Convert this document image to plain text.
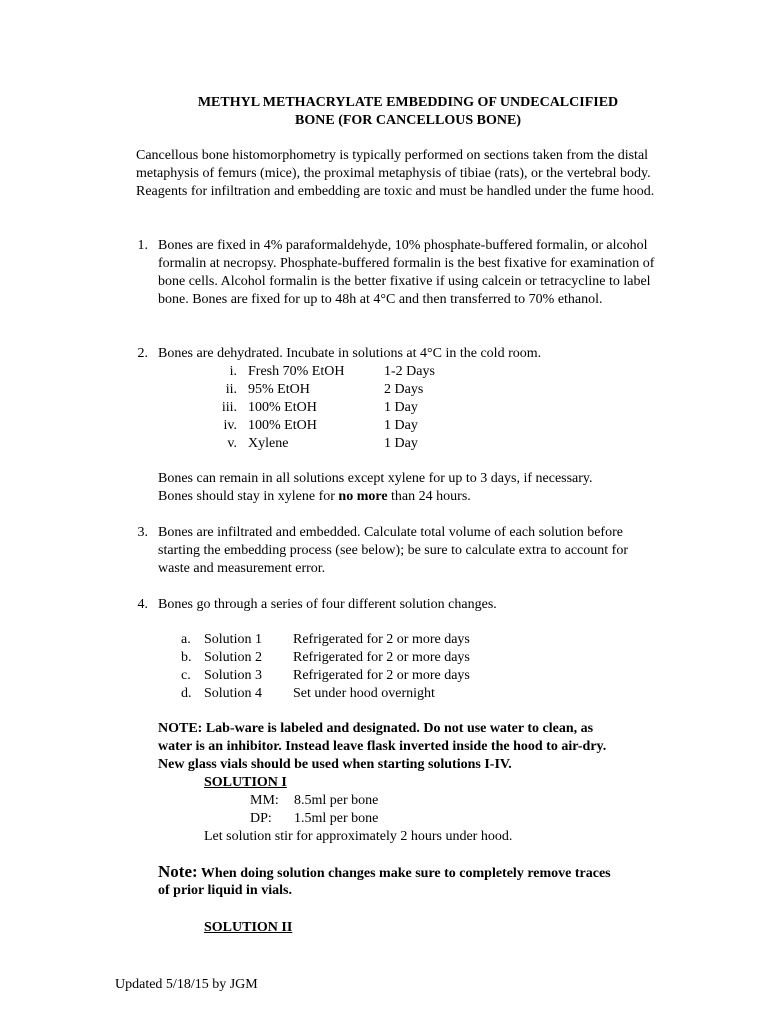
METHYL METHACRYLATE EMBEDDING OF UNDECALCIFIED
BONE (FOR CANCELLOUS BONE)
Cancellous bone histomorphometry is typically performed on sections taken from the distal metaphysis of femurs (mice), the proximal metaphysis of tibiae (rats), or the vertebral body. Reagents for infiltration and embedding are toxic and must be handled under the fume hood.
1. Bones are fixed in 4% paraformaldehyde, 10% phosphate-buffered formalin, or alcohol formalin at necropsy. Phosphate-buffered formalin is the best fixative for examination of bone cells. Alcohol formalin is the better fixative if using calcein or tetracycline to label bone. Bones are fixed for up to 48h at 4°C and then transferred to 70% ethanol.
2. Bones are dehydrated. Incubate in solutions at 4°C in the cold room.
i. Fresh 70% EtOH	1-2 Days
ii. 95% EtOH	2 Days
iii. 100% EtOH	1 Day
iv. 100% EtOH	1 Day
v. Xylene	1 Day
Bones can remain in all solutions except xylene for up to 3 days, if necessary.
Bones should stay in xylene for no more than 24 hours.
3. Bones are infiltrated and embedded. Calculate total volume of each solution before starting the embedding process (see below); be sure to calculate extra to account for waste and measurement error.
4. Bones go through a series of four different solution changes.
a. Solution 1 Refrigerated for 2 or more days
b. Solution 2 Refrigerated for 2 or more days
c. Solution 3 Refrigerated for 2 or more days
d. Solution 4 Set under hood overnight
NOTE: Lab-ware is labeled and designated. Do not use water to clean, as
water is an inhibitor. Instead leave flask inverted inside the hood to air-dry.
New glass vials should be used when starting solutions I-IV.
SOLUTION I
MM: 8.5ml per bone
DP: 1.5ml per bone
Let solution stir for approximately 2 hours under hood.
Note: When doing solution changes make sure to completely remove traces
of prior liquid in vials.
SOLUTION II
Updated 5/18/15 by JGM
